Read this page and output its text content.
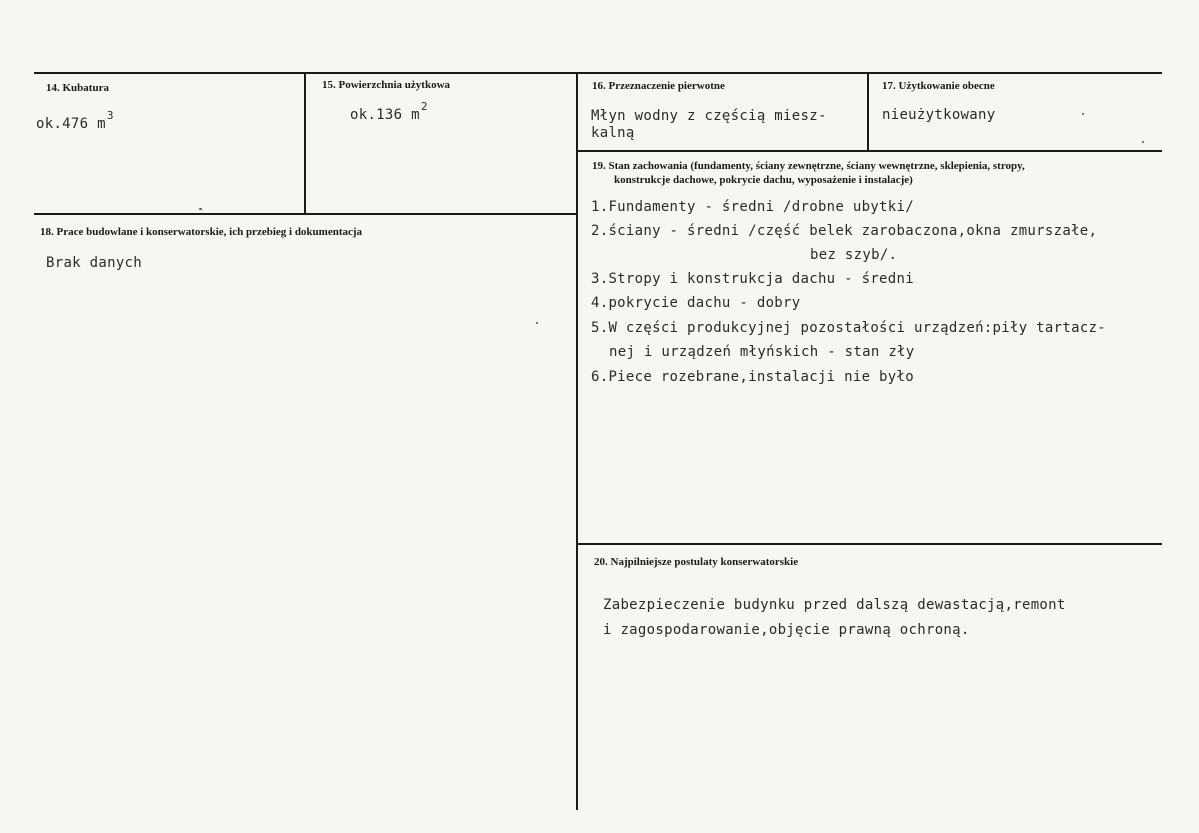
14. Kubatura
ok.476 $m^3$
15. Powierzchnia użytkowa
ok.136 $m^2$
16. Przeznaczenie pierwotne
Młyn wodny z częścią miesz-
kalną
17. Użytkowanie obecne
nieużytkowany
18. Prace budowlane i konserwatorskie, ich przebieg i dokumentacja
Brak danych
19. Stan zachowania (fundamenty, ściany zewnętrzne, ściany wewnętrzne, sklepienia, stropy,
konstrukcje dachowe, pokrycie dachu, wyposażenie i instalacje)
1.Fundamenty - średni /drobne ubytki/
2.ściany - średni /część belek zarobaczona,okna zmurszałe,
bez szyb/.
3.Stropy i konstrukcja dachu - średni
4.pokrycie dachu - dobry
5.W części produkcyjnej pozostałości urządzeń:piły tartacz-
nej i urządzeń młyńskich - stan zły
6.Piece rozebrane,instalacji nie było
20. Najpilniejsze postulaty konserwatorskie
Zabezpieczenie budynku przed dalszą dewastacją,remont
i zagospodarowanie,objęcie prawną ochroną.
